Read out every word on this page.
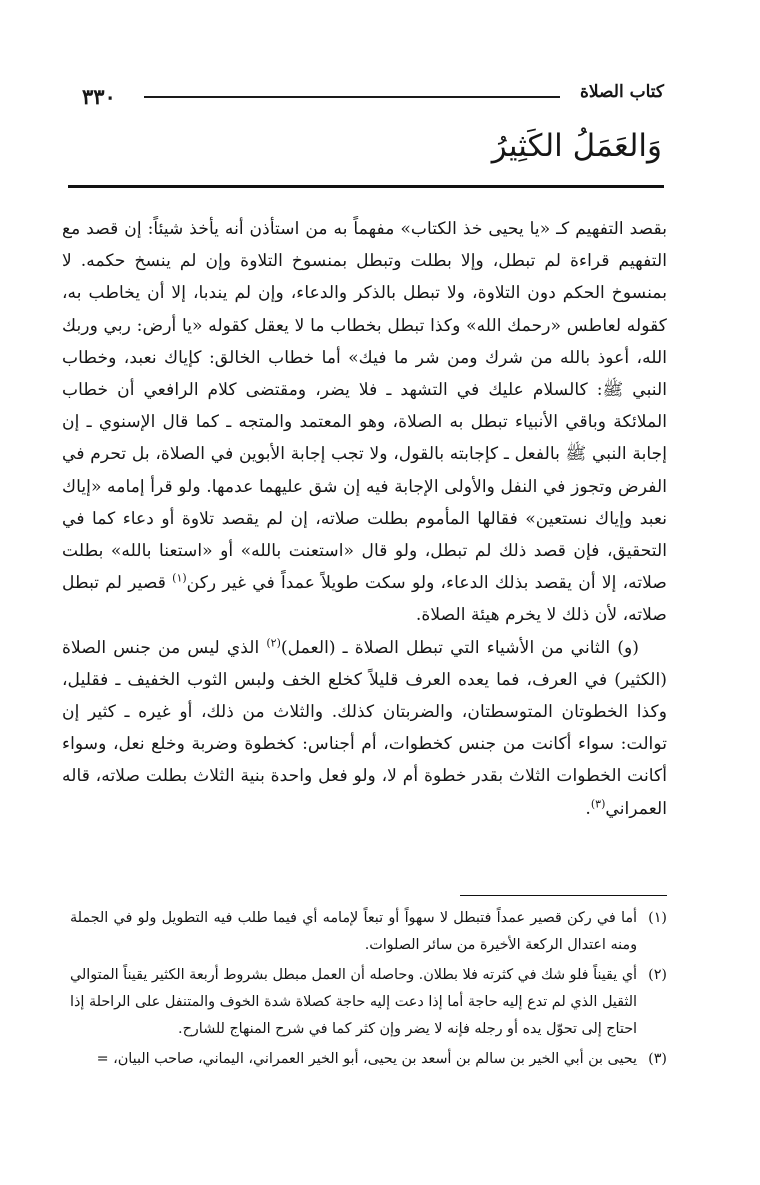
كتاب الصلاة
٣٣٠
وَالعَمَلُ الكَثِيرُ

بقصد التفهيم كـ «يا يحيى خذ الكتاب» مفهماً به من استأذن أنه يأخذ شيئاً: إن قصد مع التفهيم قراءة لم تبطل، وإلا بطلت وتبطل بمنسوخ التلاوة وإن لم ينسخ حكمه. لا بمنسوخ الحكم دون التلاوة، ولا تبطل بالذكر والدعاء، وإن لم يندبا، إلا أن يخاطب به، كقوله لعاطس «رحمك الله» وكذا تبطل بخطاب ما لا يعقل كقوله «يا أرض: ربي وربك الله، أعوذ بالله من شرك ومن شر ما فيك» أما خطاب الخالق: كإياك نعبد، وخطاب النبي ﷺ: كالسلام عليك في التشهد ـ فلا يضر، ومقتضى كلام الرافعي أن خطاب الملائكة وباقي الأنبياء تبطل به الصلاة، وهو المعتمد والمتجه ـ كما قال الإسنوي ـ إن إجابة النبي ﷺ بالفعل ـ كإجابته بالقول، ولا تجب إجابة الأبوين في الصلاة، بل تحرم في الفرض وتجوز في النفل والأولى الإجابة فيه إن شق عليهما عدمها. ولو قرأ إمامه «إياك نعبد وإياك نستعين» فقالها المأموم بطلت صلاته، إن لم يقصد تلاوة أو دعاء كما في التحقيق، فإن قصد ذلك لم تبطل، ولو قال «استعنت بالله» أو «استعنا بالله» بطلت صلاته، إلا أن يقصد بذلك الدعاء، ولو سكت طويلاً عمداً في غير ركن$^{(١)}$ قصير لم تبطل صلاته، لأن ذلك لا يخرم هيئة الصلاة.

(و) الثاني من الأشياء التي تبطل الصلاة ـ (العمل)$^{(٢)}$ الذي ليس من جنس الصلاة (الكثير) في العرف، فما يعده العرف قليلاً كخلع الخف ولبس الثوب الخفيف ـ فقليل، وكذا الخطوتان المتوسطتان، والضربتان كذلك. والثلاث من ذلك، أو غيره ـ كثير إن توالت: سواء أكانت من جنس كخطوات، أم أجناس: كخطوة وضربة وخلع نعل، وسواء أكانت الخطوات الثلاث بقدر خطوة أم لا، ولو فعل واحدة بنية الثلاث بطلت صلاته، قاله العمراني$^{(٣)}$.

(١)
أما في ركن قصير عمداً فتبطل لا سهواً أو تبعاً لإمامه أي فيما طلب فيه التطويل ولو في الجملة ومنه اعتدال الركعة الأخيرة من سائر الصلوات.
(٢)
أي يقيناً فلو شك في كثرته فلا بطلان. وحاصله أن العمل مبطل بشروط أربعة الكثير يقيناً المتوالي الثقيل الذي لم تدع إليه حاجة أما إذا دعت إليه حاجة كصلاة شدة الخوف والمتنفل على الراحلة إذا احتاج إلى تحوّل يده أو رجله فإنه لا يضر وإن كثر كما في شرح المنهاج للشارح.
(٣)
يحيى بن أبي الخير بن سالم بن أسعد بن يحيى، أبو الخير العمراني، اليماني، صاحب البيان، =
